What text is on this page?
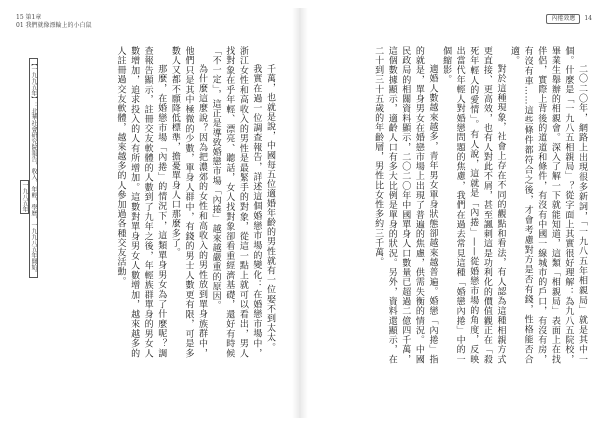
15 第1章
01 我們就像漂輪上的小白鼠

千萬，也就是說，中國每五位適婚年齡的男性就有一位娶不到太太。

我實在過一位調查報告，詳述這個婚戀市場的變化：在婚戀市場中，浙江女性和高收入的男性是最緊手的對象，從這一點上就可以看出，男人找對象在乎年輕、漂亮、聽話，女人找對象卻看重經濟基礎，還好有時候「不一定」，這正是導致婚戀市場「內捲」越來越嚴重的原因。

為什麼這麼說？因為把濃郊的女性和高收入的男性放到單身族群中，他們只是其中極微的少數，單身人群中，有錢的男士人數更有限，可是多數人又都不願降低標準，擔憂單身人口那麼多了。

那麼，在婚戀市場「內捲」的情況下，這類單身男女為了什麼呢？調查報告顯示，註冊交友軟體的人數到了九年之後，年輕族群單身的男女人數增加，追求投入的人有所增加。這數對單身男女人數增加，越來越多的人註冊過交友軟體，越來越多的人參加過各種交友活動。

【一九九五年】：北華社會研究院報告，收入、年輕，學歷，一九九八五年開始。  一九八五年
內捲效應 14

二〇二〇年，網路上出現很多新詞，「一九八五年相親局」就是其中一個。什麼是「一九八五相親局」？從字面上其實很好理解：為九八五院校，畢業生舉辦的相親會。深入了解一下就能知道，這類「相親局」表面上在找伴侶，實際上背後的道道和條件，有沒有中國一線城市的戶口，有沒有房，有沒有車……這些條件都符合之後，才會考慮對方是否有錢，性格能否合適。

對於這種現象，社會上存在不同的觀點和看法，有人認為這種相親方式更直接、更高效，也有人對此不屑，甚至諷刺這是功利化的價值觀正在「殺死年輕人的愛情」。有人說，這就是「內捲」——從婚戀市場的角度，反映出當代年輕人對婚戀問題的焦慮，我們在過去常見這種「婚戀內捲」中的一個縮影。

適婚人數越來越多，青年男女單身狀態卻越來越普遍。婚戀「內捲」指的就是，單身男女在婚戀市場上出現了普遍的焦慮，供需失衡的情況。中國民政局的相關資料顯示，二〇二〇年中國單身人口數量已超過二億四千萬，這個數據顯示，適齡人口有多大比例是單身的狀況。另外，資料還顯示，在二十到三十五歲的年齡層，男性比女性多約三千萬。
